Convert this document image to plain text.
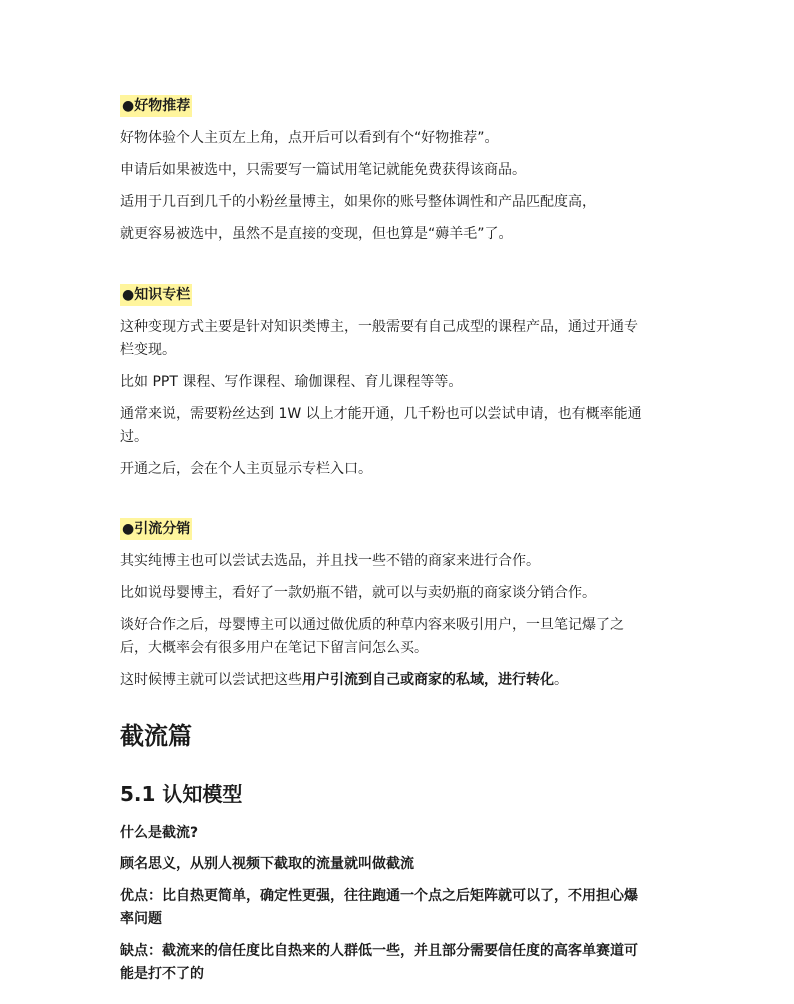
●好物推荐
好物体验个人主页左上角，点开后可以看到有个“好物推荐”。
申请后如果被选中，只需要写一篇试用笔记就能免费获得该商品。
适用于几百到几千的小粉丝量博主，如果你的账号整体调性和产品匹配度高，
就更容易被选中，虽然不是直接的变现，但也算是“薅羊毛”了。
●知识专栏
这种变现方式主要是针对知识类博主，一般需要有自己成型的课程产品，通过开通专
栏变现。
比如 PPT 课程、写作课程、瑜伽课程、育儿课程等等。
通常来说，需要粉丝达到 1W 以上才能开通，几千粉也可以尝试申请，也有概率能通
过。
开通之后，会在个人主页显示专栏入口。
●引流分销
其实纯博主也可以尝试去选品，并且找一些不错的商家来进行合作。
比如说母婴博主，看好了一款奶瓶不错，就可以与卖奶瓶的商家谈分销合作。
谈好合作之后，母婴博主可以通过做优质的种草内容来吸引用户，一旦笔记爆了之
后，大概率会有很多用户在笔记下留言问怎么买。
这时候博主就可以尝试把这些用户引流到自己或商家的私域，进行转化。
截流篇
5.1 认知模型
什么是截流?
顾名思义，从别人视频下截取的流量就叫做截流
优点：比自热更简单，确定性更强，往往跑通一个点之后矩阵就可以了，不用担心爆
率问题
缺点：截流来的信任度比自热来的人群低一些，并且部分需要信任度的高客单赛道可
能是打不了的
